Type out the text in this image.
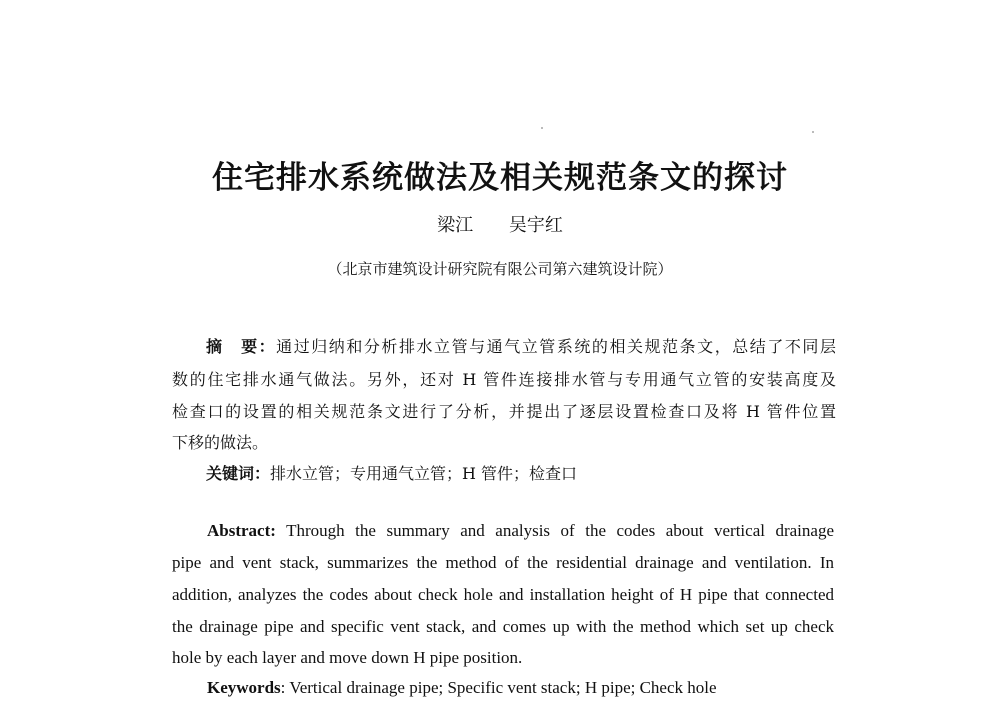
住宅排水系统做法及相关规范条文的探讨
梁江 吴宇红
（北京市建筑设计研究院有限公司第六建筑设计院）
摘　要：通过归纳和分析排水立管与通气立管系统的相关规范条文，总结了不同层
数的住宅排水通气做法。另外，还对 H 管件连接排水管与专用通气立管的安装高度及
检查口的设置的相关规范条文进行了分析，并提出了逐层设置检查口及将 H 管件位置
下移的做法。
关键词：排水立管；专用通气立管；H 管件；检查口
Abstract: Through the summary and analysis of the codes about vertical drainage
pipe and vent stack, summarizes the method of the residential drainage and ventilation. In
addition, analyzes the codes about check hole and installation height of H pipe that connected
the drainage pipe and specific vent stack, and comes up with the method which set up check
hole by each layer and move down H pipe position.
Keywords: Vertical drainage pipe; Specific vent stack; H pipe; Check hole
